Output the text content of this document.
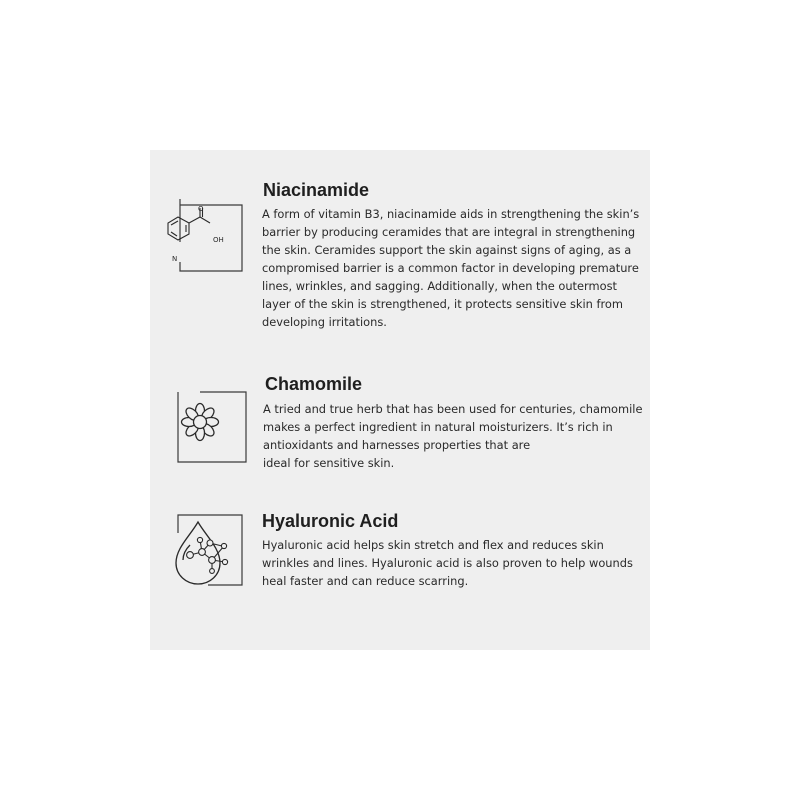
O
OH
N
Niacinamide
A form of vitamin B3, niacinamide aids in strengthening the skin’s
barrier by producing ceramides that are integral in strengthening
the skin. Ceramides support the skin against signs of aging, as a
compromised barrier is a common factor in developing premature
lines, wrinkles, and sagging. Additionally, when the outermost
layer of the skin is strengthened, it protects sensitive skin from
developing irritations.
Chamomile
A tried and true herb that has been used for centuries, chamomile
makes a perfect ingredient in natural moisturizers. It’s rich in
antioxidants and harnesses properties that are
ideal for sensitive skin.
Hyaluronic Acid
Hyaluronic acid helps skin stretch and flex and reduces skin
wrinkles and lines. Hyaluronic acid is also proven to help wounds
heal faster and can reduce scarring.
